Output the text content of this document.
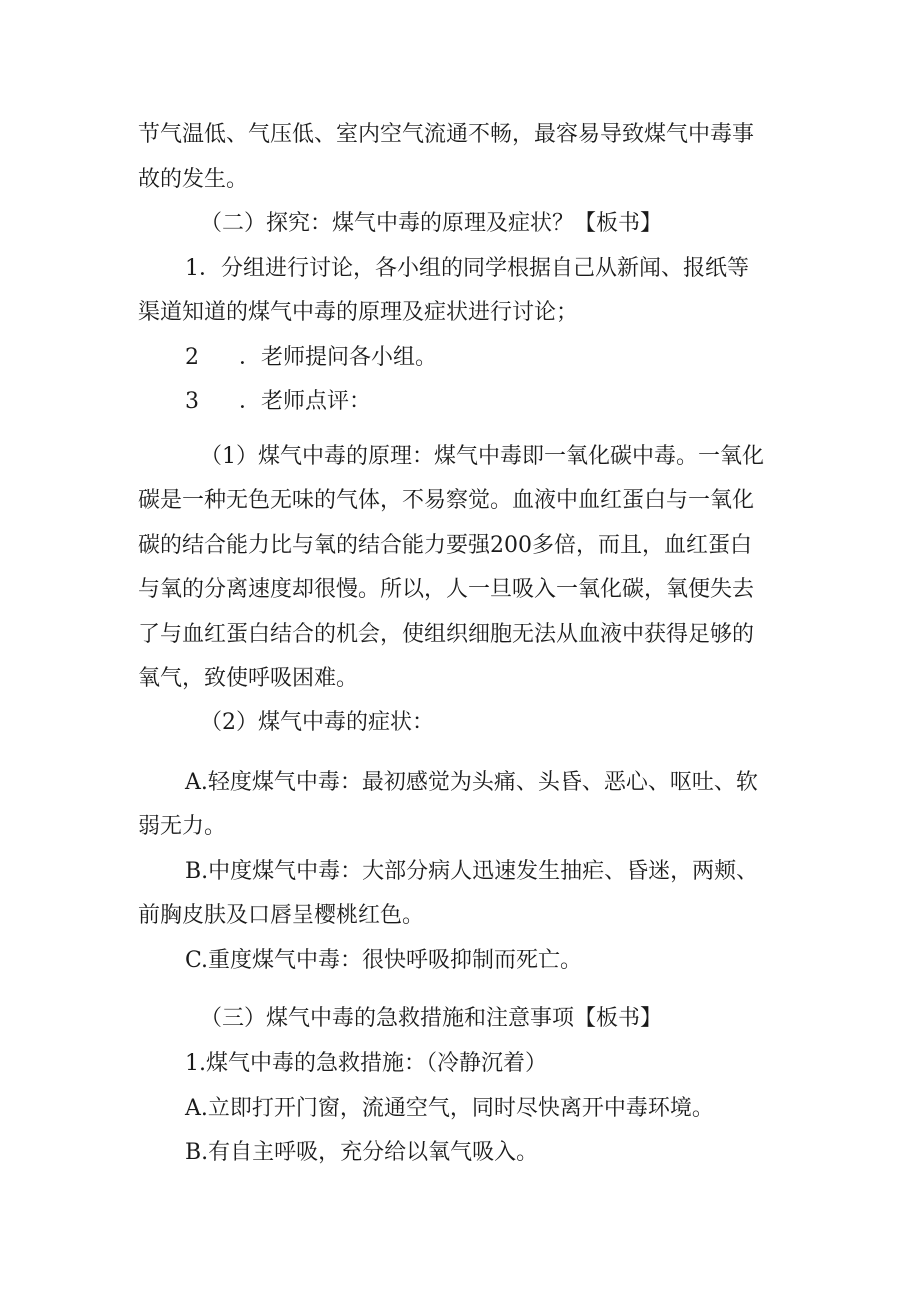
节气温低、气压低、室内空气流通不畅，最容易导致煤气中毒事

故的发生。

（二）探究：煤气中毒的原理及症状？【板书】

1．分组进行讨论，各小组的同学根据自己从新闻、报纸等

渠道知道的煤气中毒的原理及症状进行讨论；

2 ．老师提问各小组。

3 ．老师点评：

（1）煤气中毒的原理：煤气中毒即一氧化碳中毒。一氧化

碳是一种无色无味的气体，不易察觉。血液中血红蛋白与一氧化

碳的结合能力比与氧的结合能力要强200多倍，而且，血红蛋白

与氧的分离速度却很慢。所以，人一旦吸入一氧化碳，氧便失去

了与血红蛋白结合的机会，使组织细胞无法从血液中获得足够的

氧气，致使呼吸困难。

（2）煤气中毒的症状：

A.轻度煤气中毒：最初感觉为头痛、头昏、恶心、呕吐、软

弱无力。

B.中度煤气中毒：大部分病人迅速发生抽疟、昏迷，两颊、

前胸皮肤及口唇呈樱桃红色。

C.重度煤气中毒：很快呼吸抑制而死亡。

（三）煤气中毒的急救措施和注意事项【板书】

1.煤气中毒的急救措施：（冷静沉着）

A.立即打开门窗，流通空气，同时尽快离开中毒环境。

B.有自主呼吸，充分给以氧气吸入。
